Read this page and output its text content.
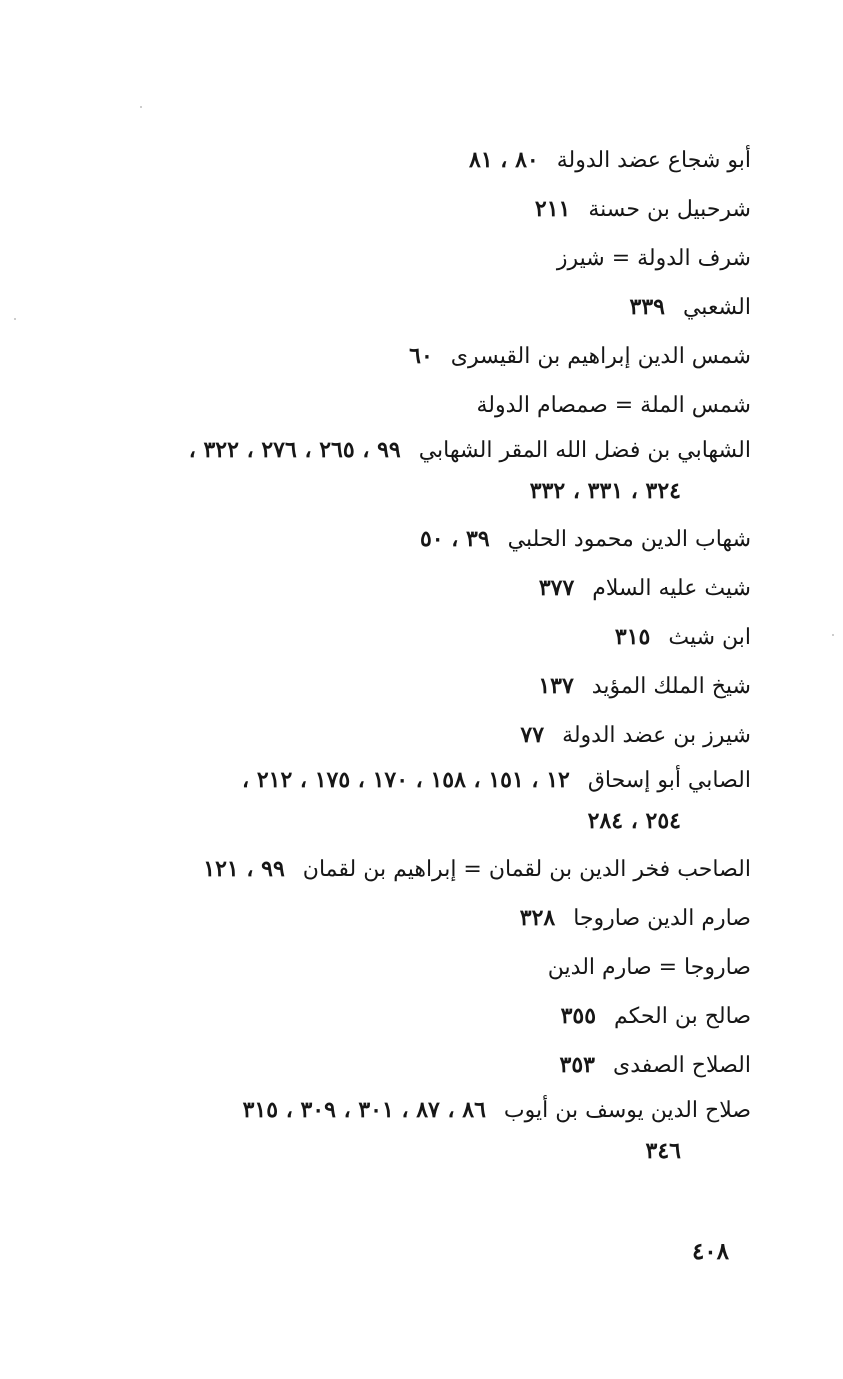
أبو شجاع عضد الدولة٨٠ ، ٨١
شرحبيل بن حسنة٢١١
شرف الدولة = شيرز
الشعبي٣٣٩
شمس الدين إبراهيم بن القيسرى٦٠
شمس الملة = صمصام الدولة
الشهابي بن فضل الله المقر الشهابي٩٩ ، ٢٦٥ ، ٢٧٦ ، ٣٢٢ ،
٣٢٤ ، ٣٣١ ، ٣٣٢
شهاب الدين محمود الحلبي٣٩ ، ٥٠
شيث عليه السلام٣٧٧
ابن شيث٣١٥
شيخ الملك المؤيد١٣٧
شيرز بن عضد الدولة٧٧
الصابي أبو إسحاق١٢ ، ١٥١ ، ١٥٨ ، ١٧٠ ، ١٧٥ ، ٢١٢ ،
٢٥٤ ، ٢٨٤
الصاحب فخر الدين بن لقمان = إبراهيم بن لقمان٩٩ ، ١٢١
صارم الدين صاروجا٣٢٨
صاروجا = صارم الدين
صالح بن الحكم٣٥٥
الصلاح الصفدى٣٥٣
صلاح الدين يوسف بن أيوب٨٦ ، ٨٧ ، ٣٠١ ، ٣٠٩ ، ٣١٥
٣٤٦
٤٠٨
